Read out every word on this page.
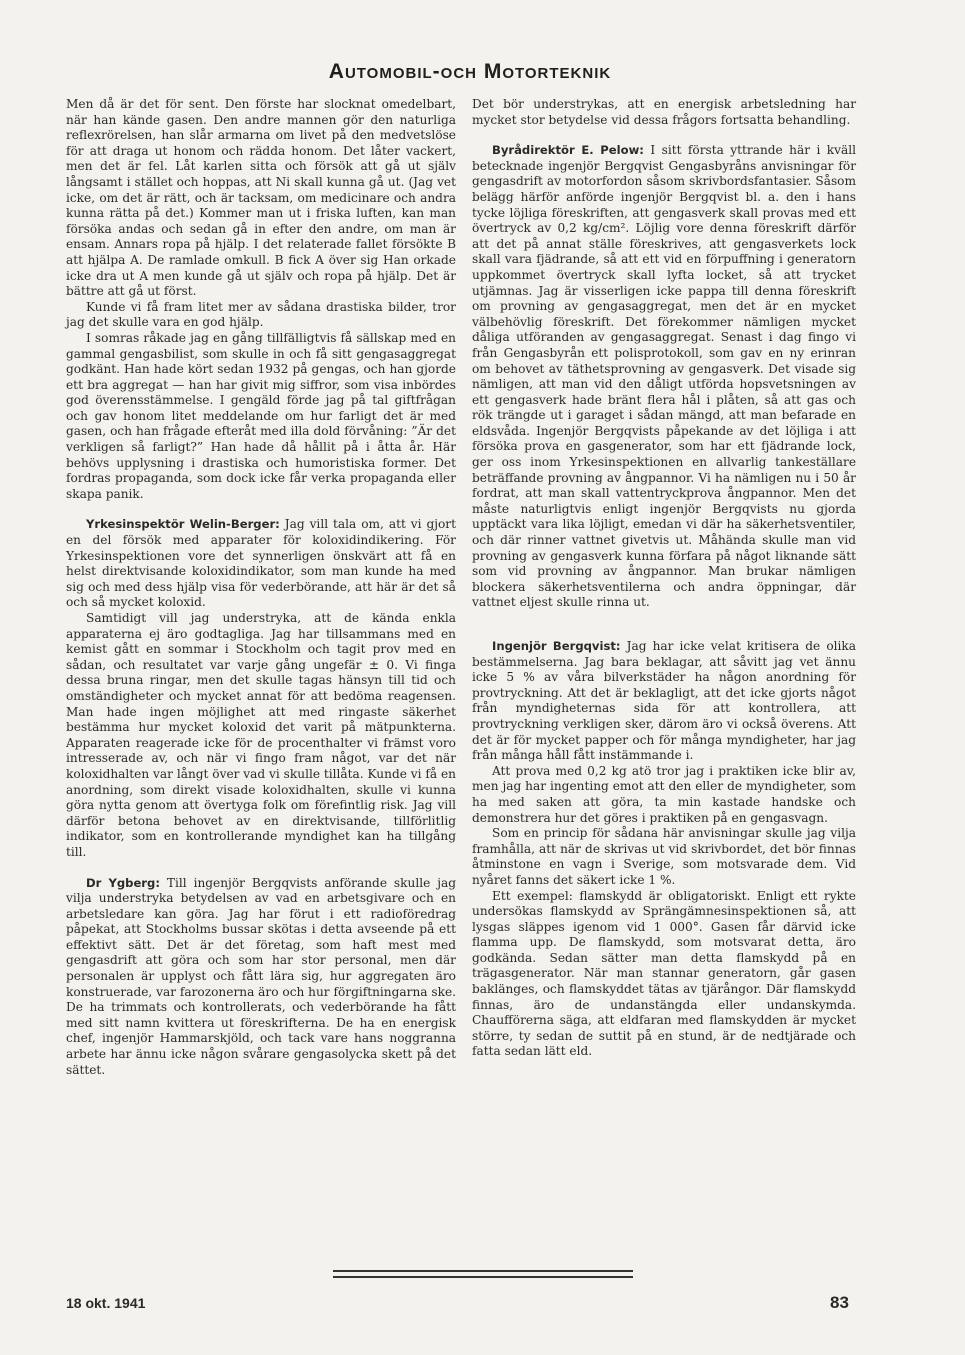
Automobil-och Motorteknik

Men då är det för sent. Den förste har slocknat omedelbart, när han kände gasen. Den andre mannen gör den naturliga reflexrörelsen, han slår armarna om livet på den medvetslöse för att draga ut honom och rädda honom. Det låter vackert, men det är fel. Låt karlen sitta och försök att gå ut själv långsamt i stället och hoppas, att Ni skall kunna gå ut. (Jag vet icke, om det är rätt, och är tacksam, om medicinare och andra kunna rätta på det.) Kommer man ut i friska luften, kan man försöka andas och sedan gå in efter den andre, om man är ensam. Annars ropa på hjälp. I det relaterade fallet försökte B att hjälpa A. De ramlade omkull. B fick A över sig Han orkade icke dra ut A men kunde gå ut själv och ropa på hjälp. Det är bättre att gå ut först.

Kunde vi få fram litet mer av sådana drastiska bilder, tror jag det skulle vara en god hjälp.

I somras råkade jag en gång tillfälligtvis få sällskap med en gammal gengasbilist, som skulle in och få sitt gengasaggregat godkänt. Han hade kört sedan 1932 på gengas, och han gjorde ett bra aggregat — han har givit mig siffror, som visa inbördes god överensstämmelse. I gengäld förde jag på tal giftfrågan och gav honom litet meddelande om hur farligt det är med gasen, och han frågade efteråt med illa dold förvåning: ”Är det verkligen så farligt?” Han hade då hållit på i åtta år. Här behövs upplysning i drastiska och humoristiska former. Det fordras propaganda, som dock icke får verka propaganda eller skapa panik.

Yrkesinspektör Welin-Berger: Jag vill tala om, att vi gjort en del försök med apparater för koloxidindikering. För Yrkesinspektionen vore det synnerligen önskvärt att få en helst direktvisande koloxidindikator, som man kunde ha med sig och med dess hjälp visa för vederbörande, att här är det så och så mycket koloxid.

Samtidigt vill jag understryka, att de kända enkla apparaterna ej äro godtagliga. Jag har tillsammans med en kemist gått en sommar i Stockholm och tagit prov med en sådan, och resultatet var varje gång ungefär ± 0. Vi finga dessa bruna ringar, men det skulle tagas hänsyn till tid och omständigheter och mycket annat för att bedöma reagensen. Man hade ingen möjlighet att med ringaste säkerhet bestämma hur mycket koloxid det varit på mätpunkterna. Apparaten reagerade icke för de procenthalter vi främst voro intresserade av, och när vi fingo fram något, var det när koloxidhalten var långt över vad vi skulle tillåta. Kunde vi få en anordning, som direkt visade koloxidhalten, skulle vi kunna göra nytta genom att övertyga folk om förefintlig risk. Jag vill därför betona behovet av en direktvisande, tillförlitlig indikator, som en kontrollerande myndighet kan ha tillgång till.

Dr Ygberg: Till ingenjör Bergqvists anförande skulle jag vilja understryka betydelsen av vad en arbetsgivare och en arbetsledare kan göra. Jag har förut i ett radioföredrag påpekat, att Stockholms bussar skötas i detta avseende på ett effektivt sätt. Det är det företag, som haft mest med gengasdrift att göra och som har stor personal, men där personalen är upplyst och fått lära sig, hur aggregaten äro konstruerade, var farozonerna äro och hur förgiftningarna ske. De ha trimmats och kontrollerats, och vederbörande ha fått med sitt namn kvittera ut föreskrifterna. De ha en energisk chef, ingenjör Hammarskjöld, och tack vare hans noggranna arbete har ännu icke någon svårare gengasolycka skett på det sättet.

Det bör understrykas, att en energisk arbetsledning har mycket stor betydelse vid dessa frågors fortsatta behandling.

Byrådirektör E. Pelow: I sitt första yttrande här i kväll betecknade ingenjör Bergqvist Gengasbyråns anvisningar för gengasdrift av motorfordon såsom skrivbordsfantasier. Såsom belägg härför anförde ingenjör Bergqvist bl. a. den i hans tycke löjliga föreskriften, att gengasverk skall provas med ett övertryck av 0,2 kg/cm². Löjlig vore denna föreskrift därför att det på annat ställe föreskrives, att gengasverkets lock skall vara fjädrande, så att ett vid en förpuffning i generatorn uppkommet övertryck skall lyfta locket, så att trycket utjämnas. Jag är visserligen icke pappa till denna föreskrift om provning av gengasaggregat, men det är en mycket välbehövlig föreskrift. Det förekommer nämligen mycket dåliga utföranden av gengasaggregat. Senast i dag fingo vi från Gengasbyrån ett polisprotokoll, som gav en ny erinran om behovet av täthetsprovning av gengasverk. Det visade sig nämligen, att man vid den dåligt utförda hopsvetsningen av ett gengasverk hade bränt flera hål i plåten, så att gas och rök trängde ut i garaget i sådan mängd, att man befarade en eldsvåda. Ingenjör Bergqvists påpekande av det löjliga i att försöka prova en gasgenerator, som har ett fjädrande lock, ger oss inom Yrkesinspektionen en allvarlig tankeställare beträffande provning av ångpannor. Vi ha nämligen nu i 50 år fordrat, att man skall vattentryckprova ångpannor. Men det måste naturligtvis enligt ingenjör Bergqvists nu gjorda upptäckt vara lika löjligt, emedan vi där ha säkerhetsventiler, och där rinner vattnet givetvis ut. Måhända skulle man vid provning av gengasverk kunna förfara på något liknande sätt som vid provning av ångpannor. Man brukar nämligen blockera säkerhetsventilerna och andra öppningar, där vattnet eljest skulle rinna ut.

Ingenjör Bergqvist: Jag har icke velat kritisera de olika bestämmelserna. Jag bara beklagar, att såvitt jag vet ännu icke 5 % av våra bilverkstäder ha någon anordning för provtryckning. Att det är beklagligt, att det icke gjorts något från myndigheternas sida för att kontrollera, att provtryckning verkligen sker, därom äro vi också överens. Att det är för mycket papper och för många myndigheter, har jag från många håll fått instämmande i.

Att prova med 0,2 kg atö tror jag i praktiken icke blir av, men jag har ingenting emot att den eller de myndigheter, som ha med saken att göra, ta min kastade handske och demonstrera hur det göres i praktiken på en gengasvagn.

Som en princip för sådana här anvisningar skulle jag vilja framhålla, att när de skrivas ut vid skrivbordet, det bör finnas åtminstone en vagn i Sverige, som motsvarade dem. Vid nyåret fanns det säkert icke 1 %.

Ett exempel: flamskydd är obligatoriskt. Enligt ett rykte undersökas flamskydd av Sprängämnesinspektionen så, att lysgas släppes igenom vid 1 000°. Gasen får därvid icke flamma upp. De flamskydd, som motsvarat detta, äro godkända. Sedan sätter man detta flamskydd på en trägasgenerator. När man stannar generatorn, går gasen baklänges, och flamskyddet tätas av tjärångor. Där flamskydd finnas, äro de undanstängda eller undanskymda. Chaufförerna säga, att eldfaran med flamskydden är mycket större, ty sedan de suttit på en stund, är de nedtjärade och fatta sedan lätt eld.

18 okt. 1941	83
